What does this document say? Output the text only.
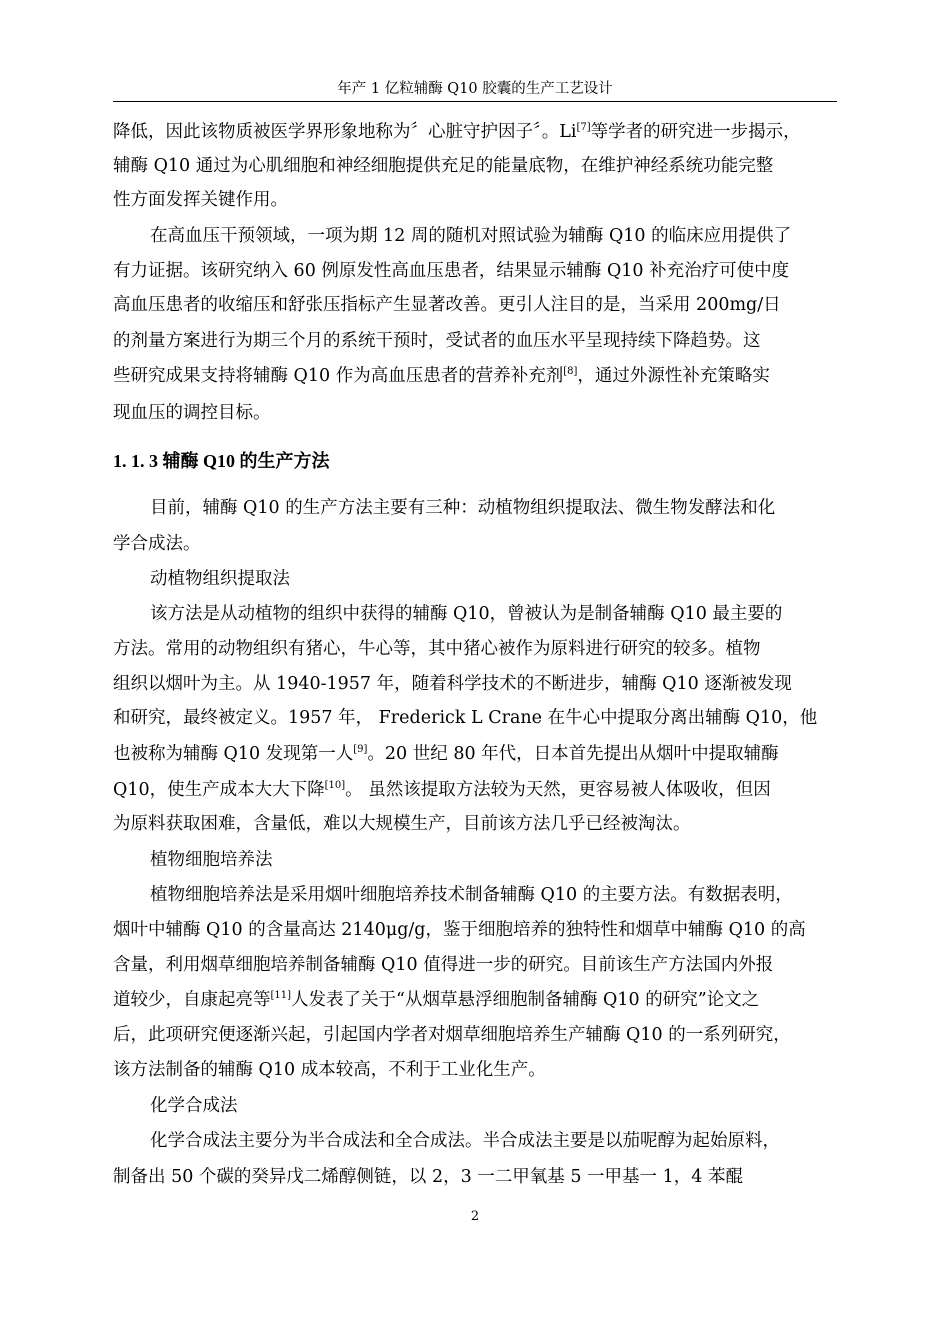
年产 1 亿粒辅酶 Q10 胶囊的生产工艺设计
降低，因此该物质被医学界形象地称为〞心脏守护因子〞。Li[7]等学者的研究进一步揭示，
辅酶 Q10 通过为心肌细胞和神经细胞提供充足的能量底物，在维护神经系统功能完整
性方面发挥关键作用。
在高血压干预领域，一项为期 12 周的随机对照试验为辅酶 Q10 的临床应用提供了
有力证据。该研究纳入 60 例原发性高血压患者，结果显示辅酶 Q10 补充治疗可使中度
高血压患者的收缩压和舒张压指标产生显著改善。更引人注目的是，当采用 200mg/日
的剂量方案进行为期三个月的系统干预时，受试者的血压水平呈现持续下降趋势。这
些研究成果支持将辅酶 Q10 作为高血压患者的营养补充剂[8]，通过外源性补充策略实
现血压的调控目标。
1. 1. 3 辅酶 Q10 的生产方法
目前，辅酶 Q10 的生产方法主要有三种：动植物组织提取法、微生物发酵法和化
学合成法。
动植物组织提取法
该方法是从动植物的组织中获得的辅酶 Q10，曾被认为是制备辅酶 Q10 最主要的
方法。常用的动物组织有猪心，牛心等，其中猪心被作为原料进行研究的较多。植物
组织以烟叶为主。从 1940-1957 年，随着科学技术的不断进步，辅酶 Q10 逐渐被发现
和研究，最终被定义。1957 年， Frederick L Crane 在牛心中提取分离出辅酶 Q10，他
也被称为辅酶 Q10 发现第一人[9]。20 世纪 80 年代，日本首先提出从烟叶中提取辅酶
Q10，使生产成本大大下降[10]。 虽然该提取方法较为天然，更容易被人体吸收，但因
为原料获取困难，含量低，难以大规模生产，目前该方法几乎已经被淘汰。
植物细胞培养法
植物细胞培养法是采用烟叶细胞培养技术制备辅酶 Q10 的主要方法。有数据表明，
烟叶中辅酶 Q10 的含量高达 2140μg/g，鉴于细胞培养的独特性和烟草中辅酶 Q10 的高
含量，利用烟草细胞培养制备辅酶 Q10 值得进一步的研究。目前该生产方法国内外报
道较少，自康起亮等[11]人发表了关于“从烟草悬浮细胞制备辅酶 Q10 的研究”论文之
后，此项研究便逐渐兴起，引起国内学者对烟草细胞培养生产辅酶 Q10 的一系列研究，
该方法制备的辅酶 Q10 成本较高，不利于工业化生产。
化学合成法
化学合成法主要分为半合成法和全合成法。半合成法主要是以茄呢醇为起始原料，
制备出 50 个碳的癸异戊二烯醇侧链，以 2，3 一二甲氧基 5 一甲基一 1，4 苯醌
2
